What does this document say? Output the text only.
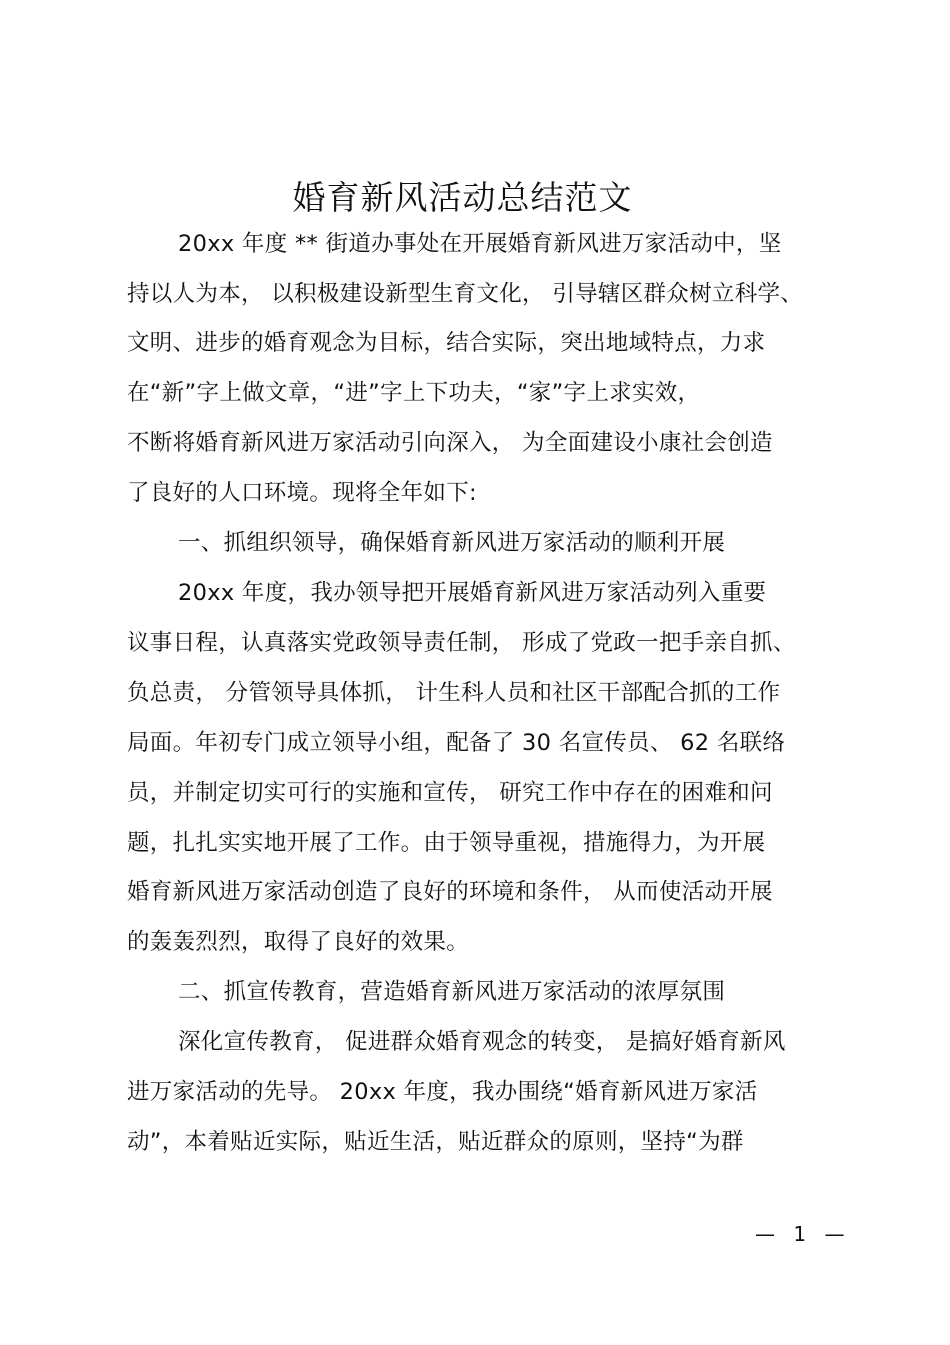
婚育新风活动总结范文
20xx 年度 ** 街道办事处在开展婚育新风进万家活动中，坚
持以人为本， 以积极建设新型生育文化， 引导辖区群众树立科学、
文明、进步的婚育观念为目标，结合实际，突出地域特点，力求
在“新”字上做文章，“进”字上下功夫，“家”字上求实效，
不断将婚育新风进万家活动引向深入， 为全面建设小康社会创造
了良好的人口环境。现将全年如下:
一、抓组织领导，确保婚育新风进万家活动的顺利开展
20xx 年度，我办领导把开展婚育新风进万家活动列入重要
议事日程，认真落实党政领导责任制， 形成了党政一把手亲自抓、
负总责， 分管领导具体抓， 计生科人员和社区干部配合抓的工作
局面。年初专门成立领导小组，配备了 30 名宣传员、 62 名联络
员，并制定切实可行的实施和宣传， 研究工作中存在的困难和问
题，扎扎实实地开展了工作。由于领导重视，措施得力，为开展
婚育新风进万家活动创造了良好的环境和条件， 从而使活动开展
的轰轰烈烈，取得了良好的效果。
二、抓宣传教育，营造婚育新风进万家活动的浓厚氛围
深化宣传教育， 促进群众婚育观念的转变， 是搞好婚育新风
进万家活动的先导。 20xx 年度，我办围绕“婚育新风进万家活
动”，本着贴近实际，贴近生活，贴近群众的原则，坚持“为群
— 1 —
